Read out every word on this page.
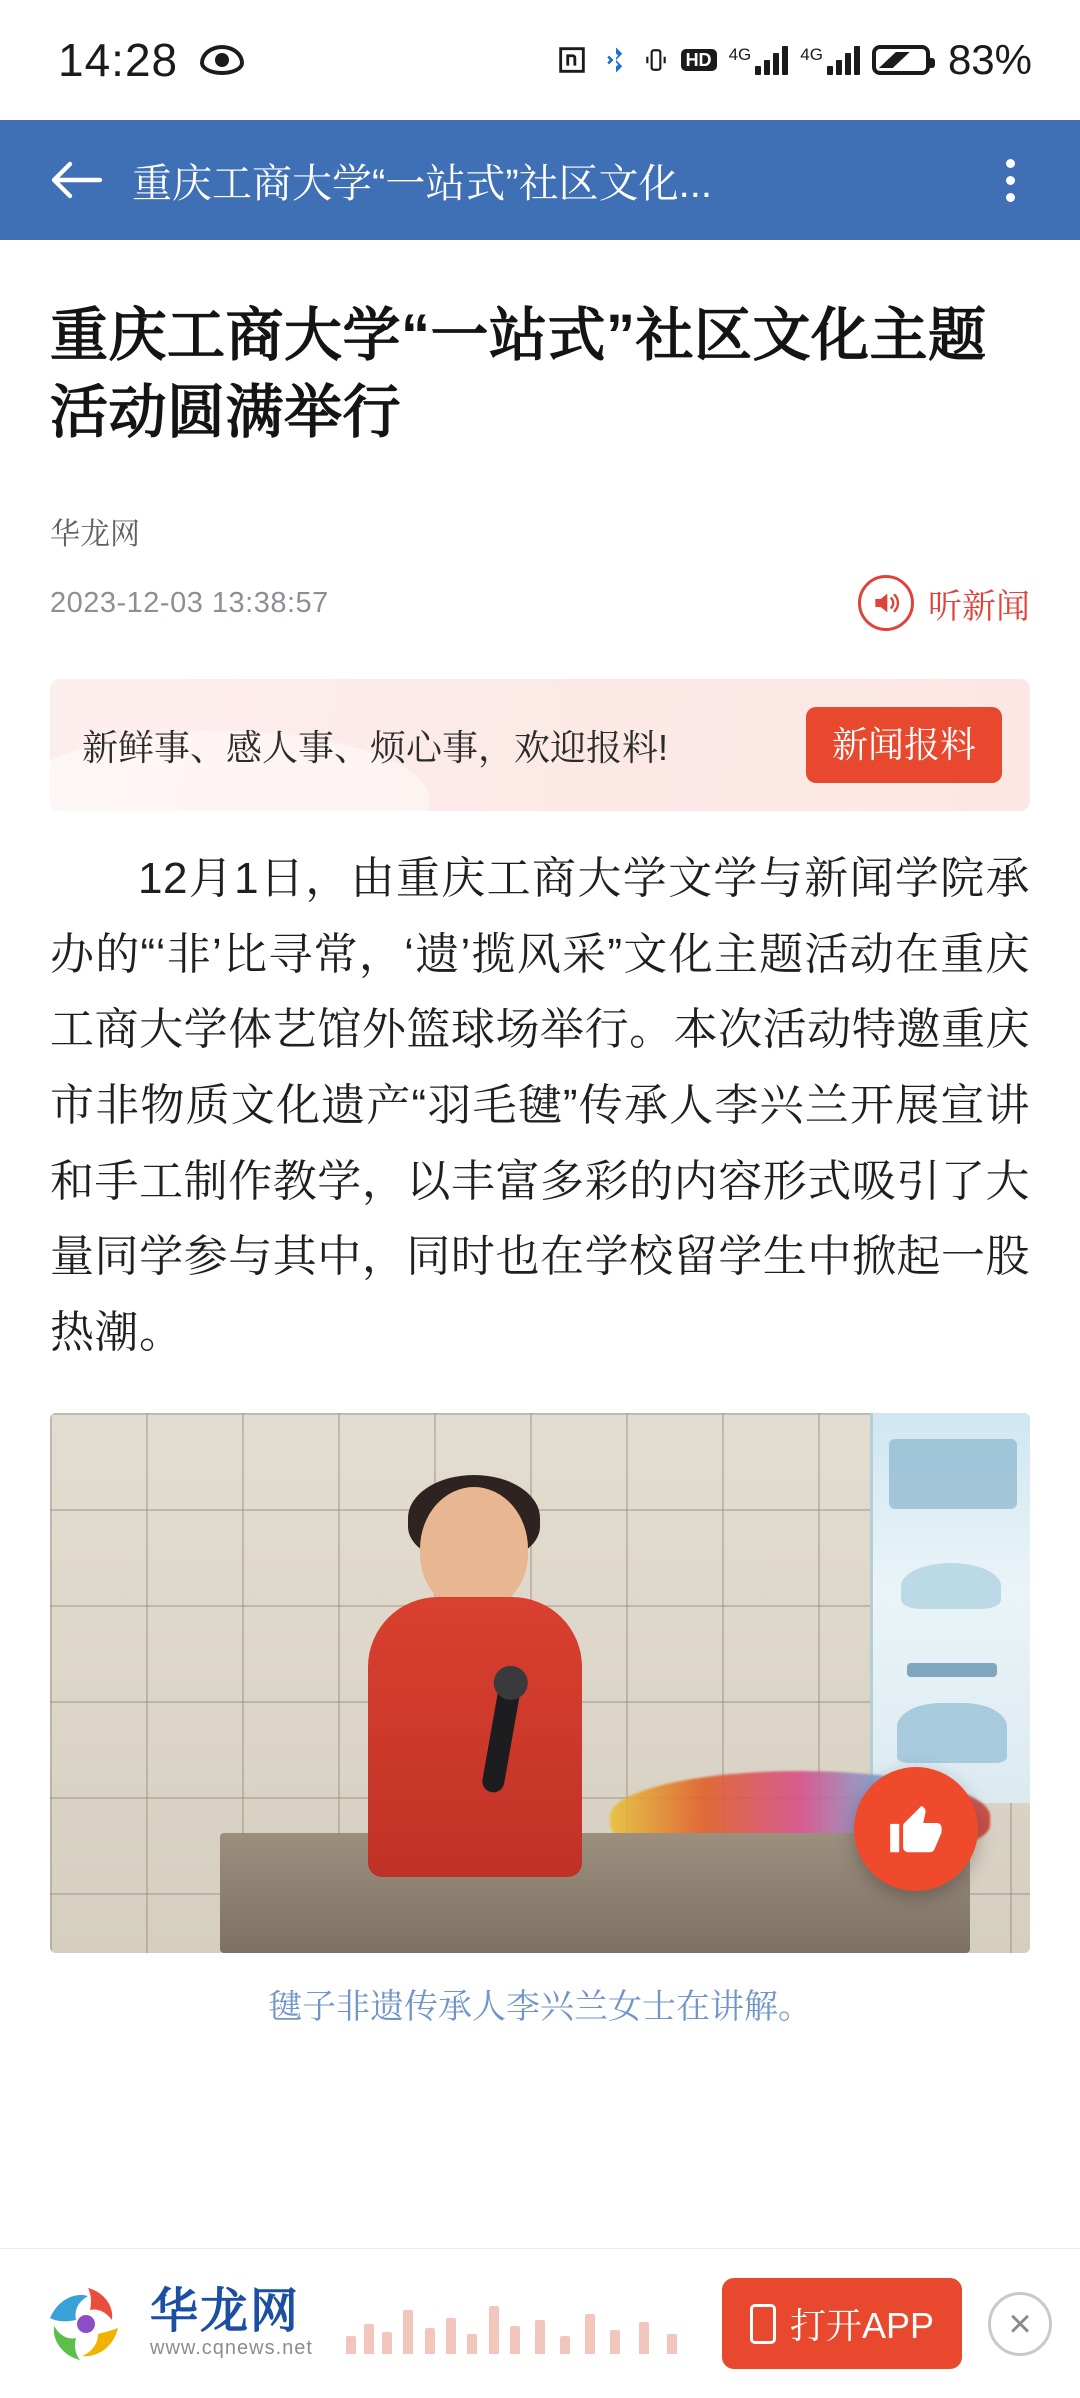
14:28	HD 4G	4G	83%
重庆工商大学“一站式”社区文化...
重庆工商大学“一站式”社区文化主题活动圆满举行
华龙网
2023-12-03 13:38:57	听新闻
新鲜事、感人事、烦心事，欢迎报料!	新闻报料

12月1日，由重庆工商大学文学与新闻学院承办的“‘非’比寻常，‘遗’揽风采”文化主题活动在重庆工商大学体艺馆外篮球场举行。本次活动特邀重庆市非物质文化遗产“羽毛毽”传承人李兴兰开展宣讲和手工制作教学，以丰富多彩的内容形式吸引了大量同学参与其中，同时也在学校留学生中掀起一股热潮。

毽子非遗传承人李兴兰女士在讲解。
华龙网
www.cqnews.net
打开APP	×
